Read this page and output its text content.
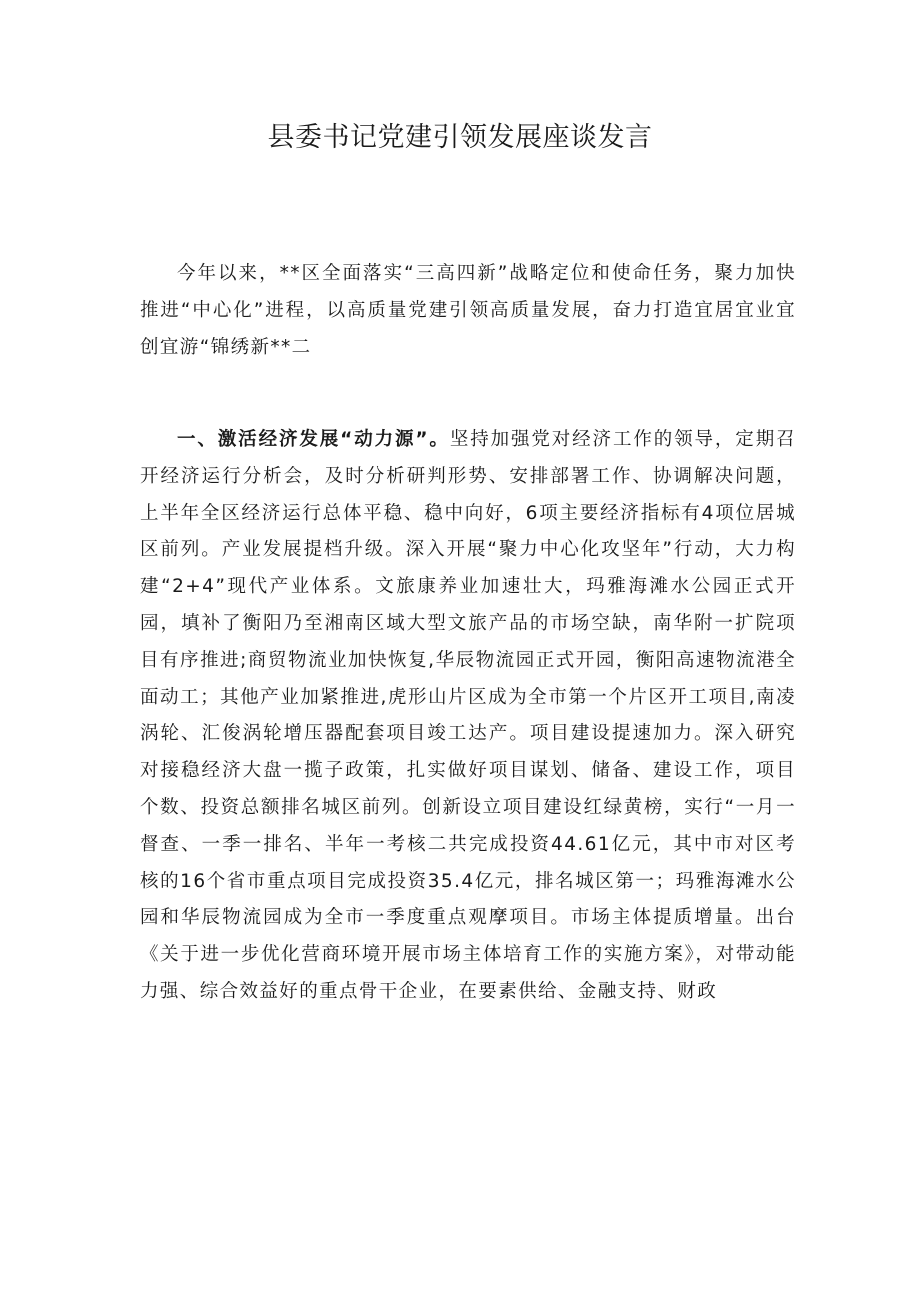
县委书记党建引领发展座谈发言

今年以来，**区全面落实“三高四新”战略定位和使命任务，聚力加快推进“中心化”进程，以高质量党建引领高质量发展，奋力打造宜居宜业宜创宜游“锦绣新**二

一、激活经济发展“动力源”。坚持加强党对经济工作的领导，定期召开经济运行分析会，及时分析研判形势、安排部署工作、协调解决问题，上半年全区经济运行总体平稳、稳中向好，6项主要经济指标有4项位居城区前列。产业发展提档升级。深入开展“聚力中心化攻坚年”行动，大力构建“2+4”现代产业体系。文旅康养业加速壮大，玛雅海滩水公园正式开园，填补了衡阳乃至湘南区域大型文旅产品的市场空缺，南华附一扩院项目有序推进;商贸物流业加快恢复,华辰物流园正式开园，衡阳高速物流港全面动工；其他产业加紧推进,虎形山片区成为全市第一个片区开工项目,南凌涡轮、汇俊涡轮增压器配套项目竣工达产。项目建设提速加力。深入研究对接稳经济大盘一揽子政策，扎实做好项目谋划、储备、建设工作，项目个数、投资总额排名城区前列。创新设立项目建设红绿黄榜，实行“一月一督查、一季一排名、半年一考核二共完成投资44.61亿元，其中市对区考核的16个省市重点项目完成投资35.4亿元，排名城区第一；玛雅海滩水公园和华辰物流园成为全市一季度重点观摩项目。市场主体提质增量。出台《关于进一步优化营商环境开展市场主体培育工作的实施方案》，对带动能力强、综合效益好的重点骨干企业，在要素供给、金融支持、财政
